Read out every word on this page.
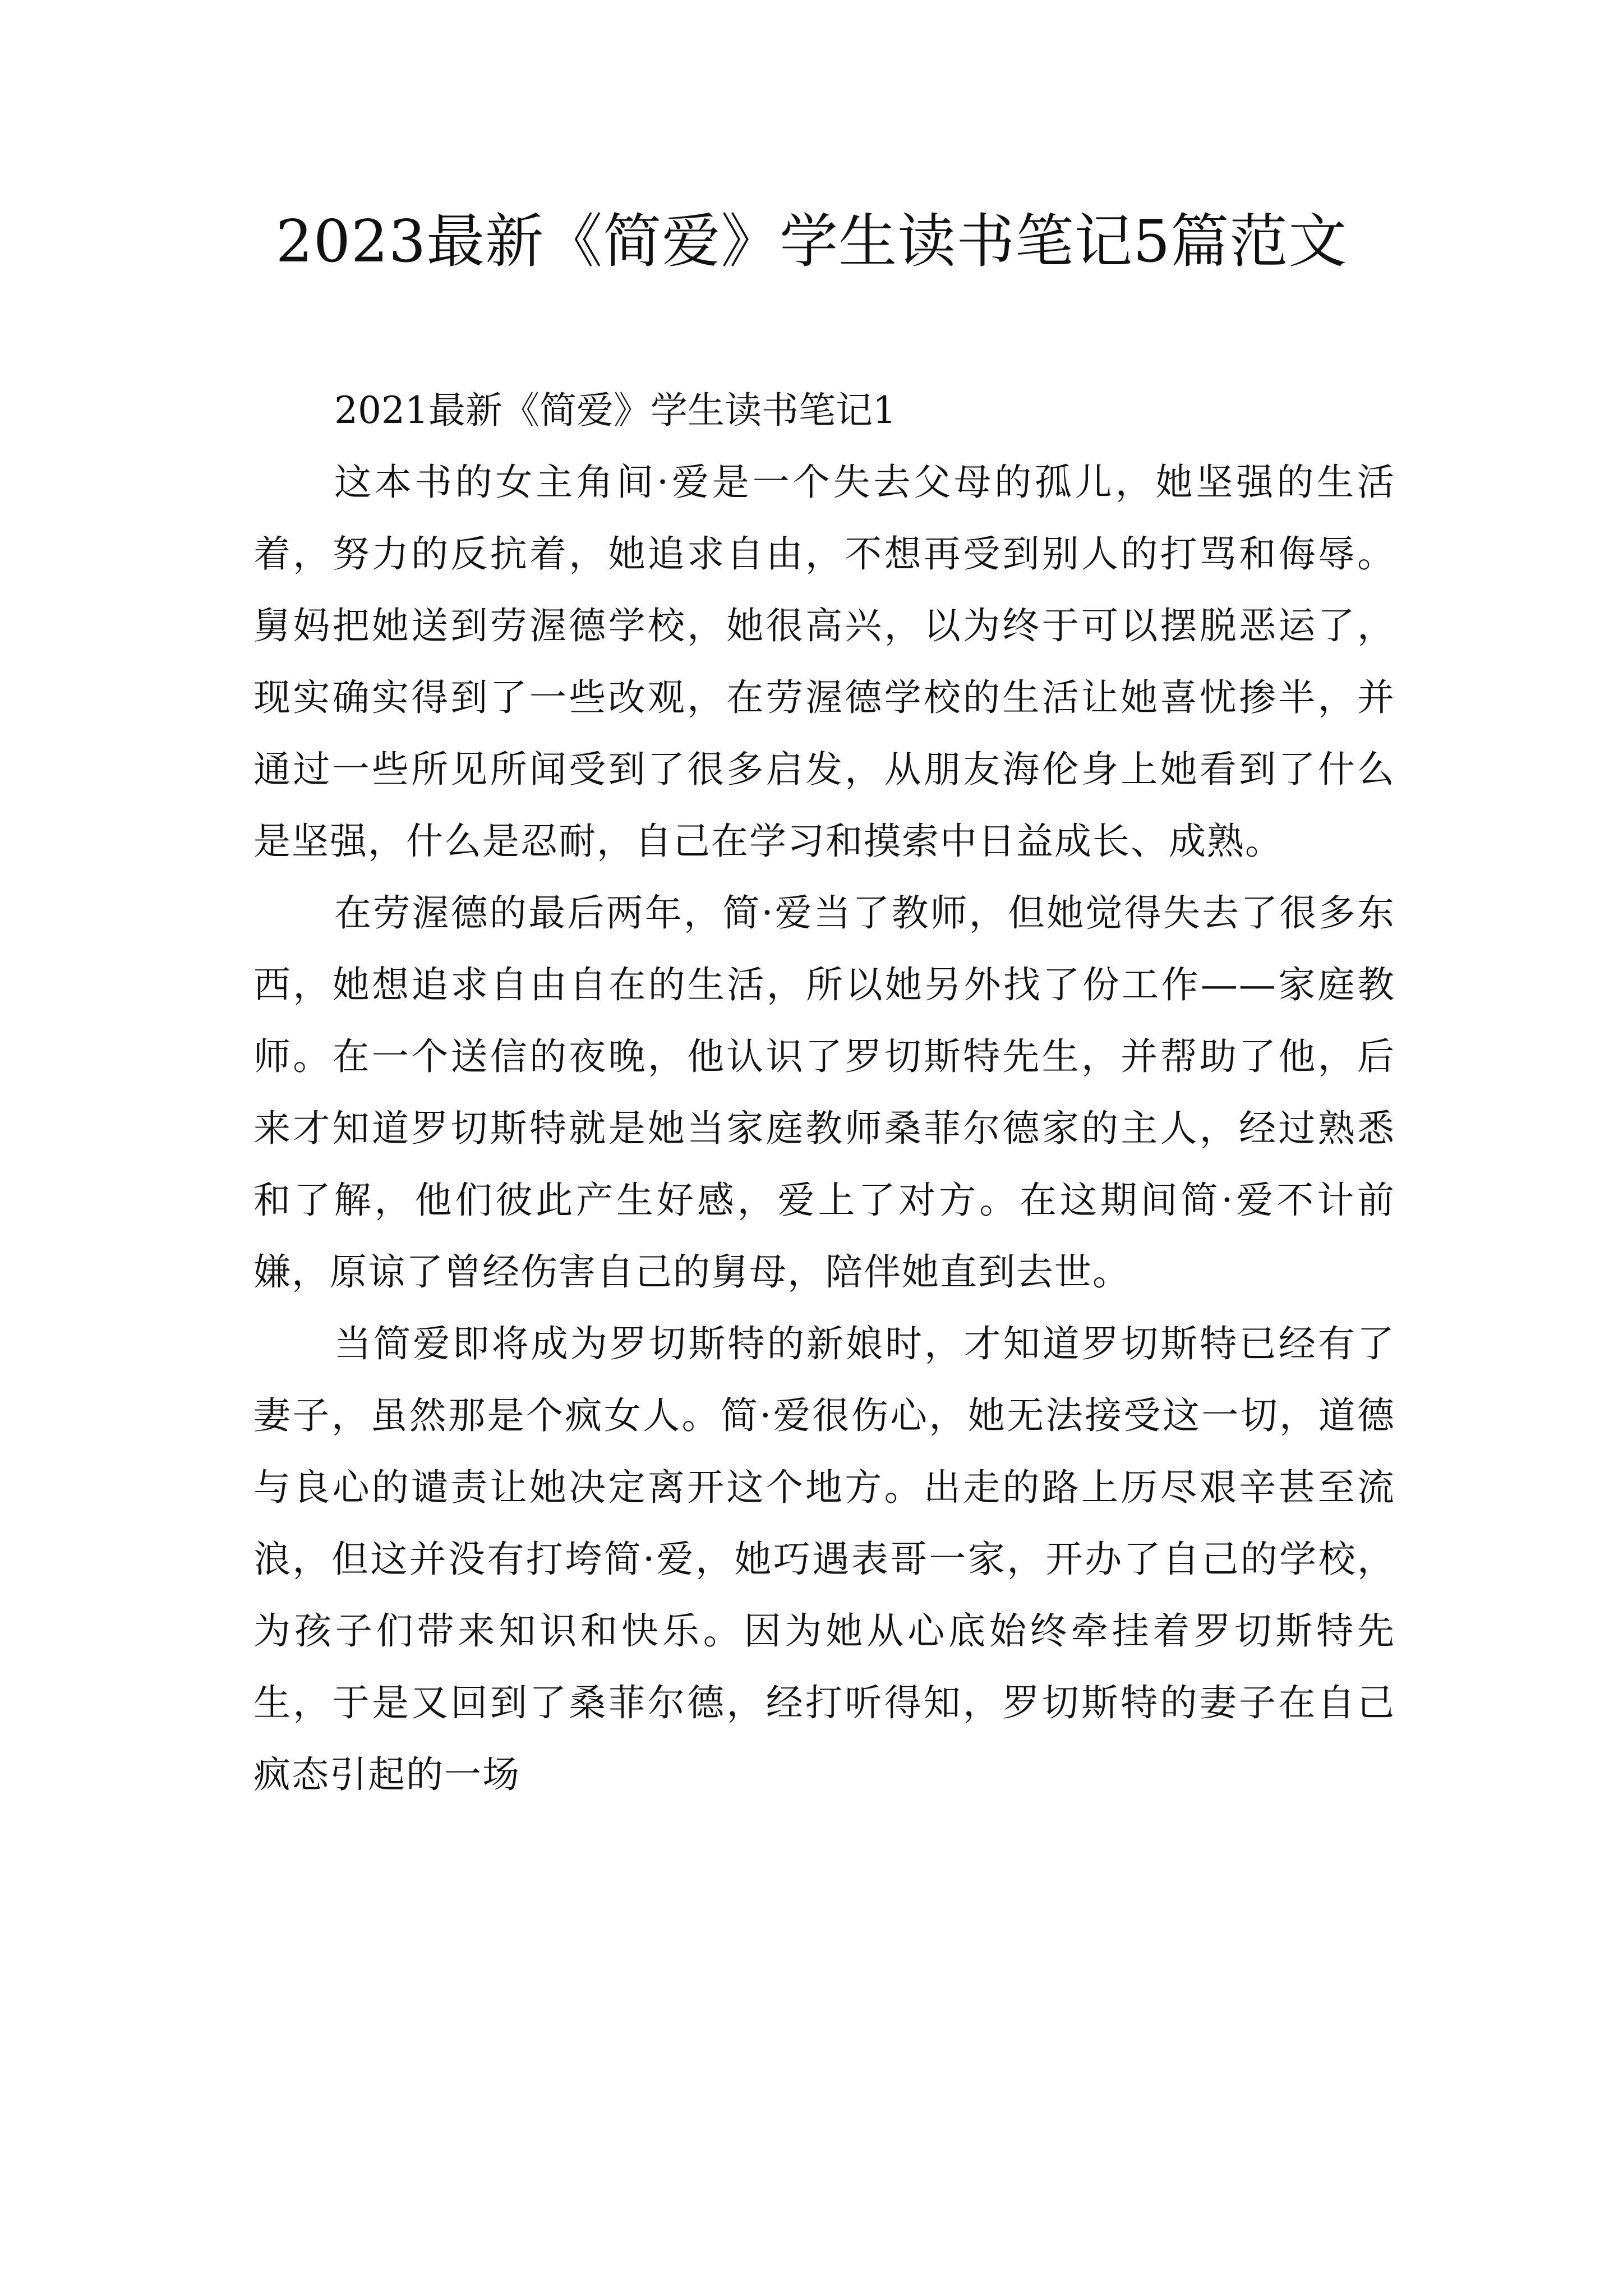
2023最新《简爱》学生读书笔记5篇范文

2021最新《简爱》学生读书笔记1

这本书的女主角间·爱是一个失去父母的孤儿，她坚强的生活着，努力的反抗着，她追求自由，不想再受到别人的打骂和侮辱。舅妈把她送到劳渥德学校，她很高兴，以为终于可以摆脱恶运了，现实确实得到了一些改观，在劳渥德学校的生活让她喜忧掺半，并通过一些所见所闻受到了很多启发，从朋友海伦身上她看到了什么是坚强，什么是忍耐，自己在学习和摸索中日益成长、成熟。

在劳渥德的最后两年，简·爱当了教师，但她觉得失去了很多东西，她想追求自由自在的生活，所以她另外找了份工作——家庭教师。在一个送信的夜晚，他认识了罗切斯特先生，并帮助了他，后来才知道罗切斯特就是她当家庭教师桑菲尔德家的主人，经过熟悉和了解，他们彼此产生好感，爱上了对方。在这期间简·爱不计前嫌，原谅了曾经伤害自己的舅母，陪伴她直到去世。

当简爱即将成为罗切斯特的新娘时，才知道罗切斯特已经有了妻子，虽然那是个疯女人。简·爱很伤心，她无法接受这一切，道德与良心的谴责让她决定离开这个地方。出走的路上历尽艰辛甚至流浪，但这并没有打垮简·爱，她巧遇表哥一家，开办了自己的学校，为孩子们带来知识和快乐。因为她从心底始终牵挂着罗切斯特先生，于是又回到了桑菲尔德，经打听得知，罗切斯特的妻子在自己疯态引起的一场
